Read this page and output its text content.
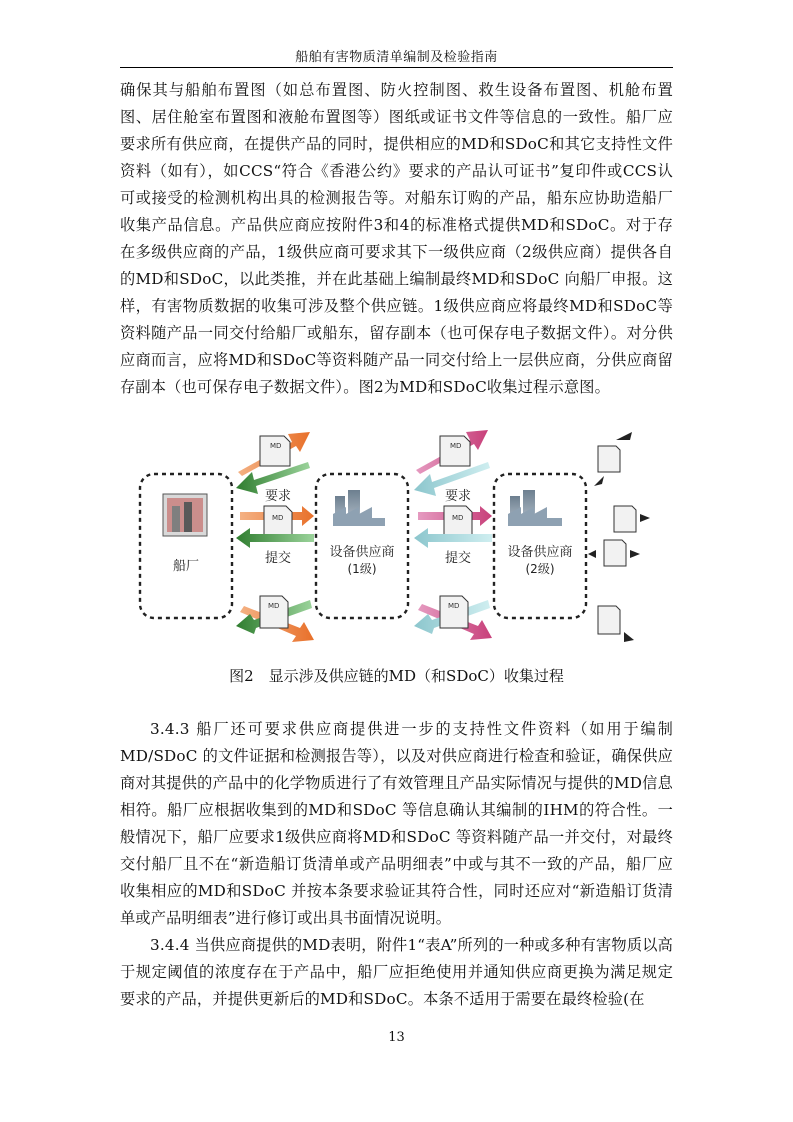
船舶有害物质清单编制及检验指南

确保其与船舶布置图（如总布置图、防火控制图、救生设备布置图、机舱布置图、居住舱室布置图和液舱布置图等）图纸或证书文件等信息的一致性。船厂应要求所有供应商，在提供产品的同时，提供相应的MD和SDoC和其它支持性文件资料（如有），如CCS“符合《香港公约》要求的产品认可证书”复印件或CCS认可或接受的检测机构出具的检测报告等。对船东订购的产品，船东应协助造船厂收集产品信息。产品供应商应按附件3和4的标准格式提供MD和SDoC。对于存在多级供应商的产品，1级供应商可要求其下一级供应商（2级供应商）提供各自的MD和SDoC，以此类推，并在此基础上编制最终MD和SDoC 向船厂申报。这样，有害物质数据的收集可涉及整个供应链。1级供应商应将最终MD和SDoC等资料随产品一同交付给船厂或船东，留存副本（也可保存电子数据文件）。对分供应商而言，应将MD和SDoC等资料随产品一同交付给上一层供应商，分供应商留存副本（也可保存电子数据文件）。图2为MD和SDoC收集过程示意图。

船厂
设备供应商
(1级)
设备供应商
(2级)
MD
要求
MD
提交
MD
MD
要求
MD
提交
MD
图2　显示涉及供应链的MD（和SDoC）收集过程

3.4.3 船厂还可要求供应商提供进一步的支持性文件资料（如用于编制MD/SDoC 的文件证据和检测报告等），以及对供应商进行检查和验证，确保供应商对其提供的产品中的化学物质进行了有效管理且产品实际情况与提供的MD信息相符。船厂应根据收集到的MD和SDoC 等信息确认其编制的IHM的符合性。一般情况下，船厂应要求1级供应商将MD和SDoC 等资料随产品一并交付，对最终交付船厂且不在“新造船订货清单或产品明细表”中或与其不一致的产品，船厂应收集相应的MD和SDoC 并按本条要求验证其符合性，同时还应对“新造船订货清单或产品明细表”进行修订或出具书面情况说明。

3.4.4 当供应商提供的MD表明，附件1“表A”所列的一种或多种有害物质以高于规定阈值的浓度存在于产品中，船厂应拒绝使用并通知供应商更换为满足规定要求的产品，并提供更新后的MD和SDoC。本条不适用于需要在最终检验(在

13
